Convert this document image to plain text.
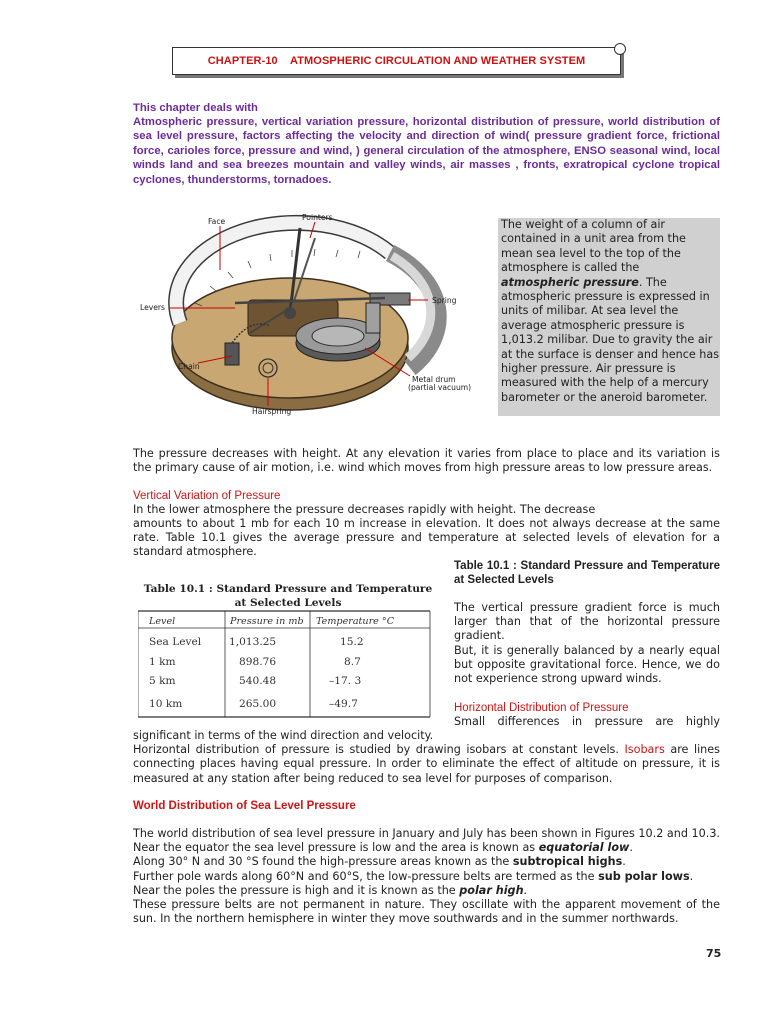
CHAPTER-10 ATMOSPHERIC CIRCULATION AND WEATHER SYSTEM
This chapter deals with
Atmospheric pressure, vertical variation pressure, horizontal distribution of pressure, world distribution of sea level pressure, factors affecting the velocity and direction of wind( pressure gradient force, frictional force, carioles force, pressure and wind, ) general circulation of the atmosphere, ENSO seasonal wind, local winds land and sea breezes mountain and valley winds, air masses , fronts, exratropical cyclone tropical cyclones, thunderstorms, tornadoes.
Face	Pointers
Levers
Spring
Chain
Metal drum
(partial vacuum)
Hairspring
The weight of a column of air contained in a unit area from the mean sea level to the top of the atmosphere is called the atmospheric pressure. The atmospheric pressure is expressed in units of milibar. At sea level the average atmospheric pressure is 1,013.2 milibar. Due to gravity the air at the surface is denser and hence has higher pressure. Air pressure is measured with the help of a mercury barometer or the aneroid barometer.
The pressure decreases with height. At any elevation it varies from place to place and its variation is the primary cause of air motion, i.e. wind which moves from high pressure areas to low pressure areas.
Vertical Variation of Pressure
In the lower atmosphere the pressure decreases rapidly with height. The decrease
amounts to about 1 mb for each 10 m increase in elevation. It does not always decrease at the same rate. Table 10.1 gives the average pressure and temperature at selected levels of elevation for a standard atmosphere.
Table 10.1 : Standard Pressure and Temperature at Selected Levels
Table 10.1 : Standard Pressure and Temperature at Selected Levels
Level	Pressure in mb Temperature °C
Sea Level	1,013.25	15.2
1 km	898.76	8.7
5 km	540.48	–17. 3
10 km	265.00	–49.7
The vertical pressure gradient force is much larger than that of the horizontal pressure gradient.
But, it is generally balanced by a nearly equal but opposite gravitational force. Hence, we do not experience strong upward winds.
Horizontal Distribution of Pressure
Small differences in pressure are highly
significant in terms of the wind direction and velocity.
Horizontal distribution of pressure is studied by drawing isobars at constant levels. Isobars are lines connecting places having equal pressure. In order to eliminate the effect of altitude on pressure, it is measured at any station after being reduced to sea level for purposes of comparison.
World Distribution of Sea Level Pressure
The world distribution of sea level pressure in January and July has been shown in Figures 10.2 and 10.3. Near the equator the sea level pressure is low and the area is known as equatorial low.
Along 30° N and 30 °S found the high-pressure areas known as the subtropical highs.
Further pole wards along 60°N and 60°S, the low-pressure belts are termed as the sub polar lows.
Near the poles the pressure is high and it is known as the polar high.
These pressure belts are not permanent in nature. They oscillate with the apparent movement of the sun. In the northern hemisphere in winter they move southwards and in the summer northwards.
75
